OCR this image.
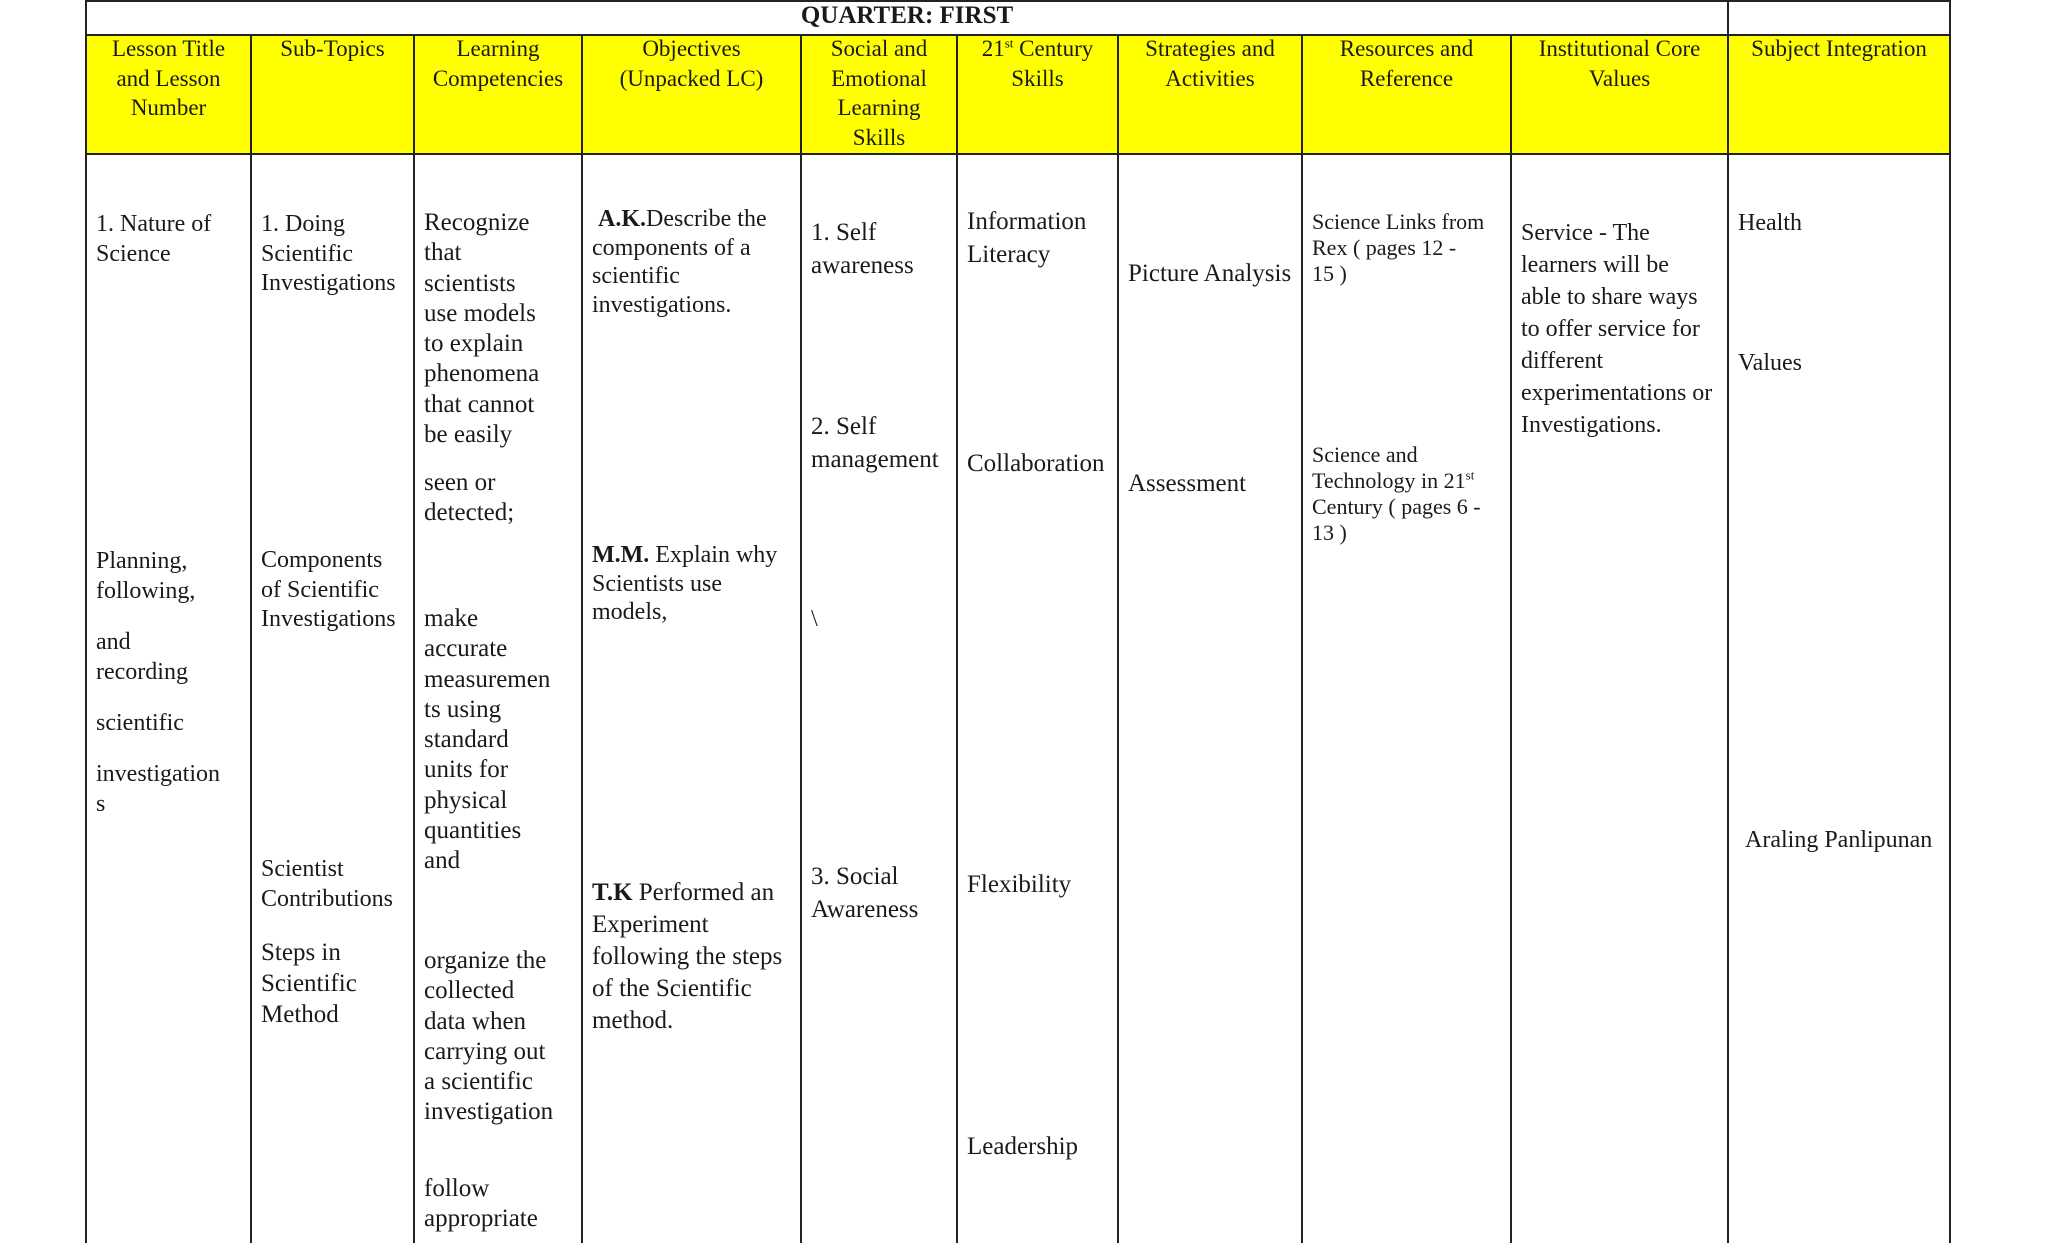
QUARTER: FIRST
Lesson Title
and Lesson
Number
Sub-Topics	Learning
Competencies
Objectives
(Unpacked LC)
Social and
Emotional
Learning
Skills
21st Century
Skills
Strategies and
Activities
Resources and
Reference
Institutional Core
Values
Subject Integration
1. Nature of
Science
Planning,
following,
and
recording
scientific
investigation
s
1. Doing
Scientific
Investigations
Components
of Scientific
Investigations
Scientist
Contributions
Steps in
Scientific
Method
Recognize
that
scientists
use models
to explain
phenomena
that cannot
be easily
seen or
detected;
make
accurate
measuremen
ts using
standard
units for
physical
quantities
and
organize the
collected
data when
carrying out
a scientific
investigation
follow
appropriate
A.K.Describe the
components of a
scientific
investigations.
M.M. Explain why
Scientists use
models,
T.K Performed an
Experiment
following the steps
of the Scientific
method.
1. Self
awareness
2. Self
management
\
3. Social
Awareness
Information
Literacy
Collaboration
Flexibility
Leadership
Picture Analysis
Assessment
Science Links from
Rex ( pages 12 -
15 )
Science and
Technology in 21st
Century ( pages 6 -
13 )
Service - The
learners will be
able to share ways
to offer service for
different
experimentations or
Investigations.
Health
Values
Araling Panlipunan
